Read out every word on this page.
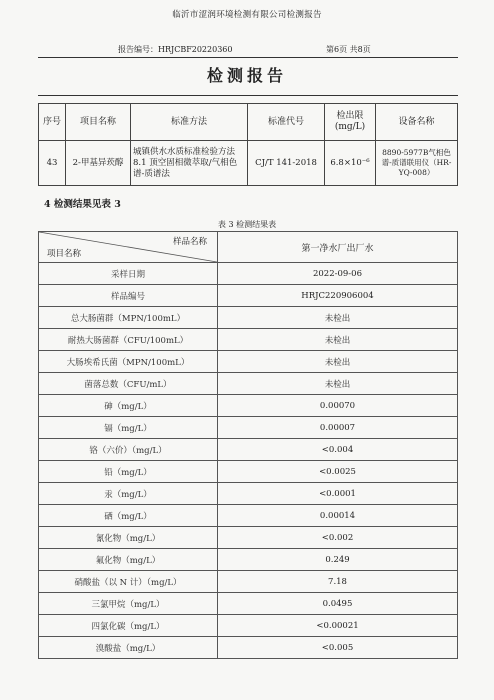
临沂市涩润环境检测有限公司检测报告
报告编号：HRJCBF20220360	第6页 共8页
检测报告
序号	项目名称	标准方法	标准代号	检出限(mg/L)	设备名称
43	2-甲基异莰醇	城镇供水水质标准检验方法 8.1 顶空固相微萃取/气相色谱-质谱法	CJ/T 141-2018	6.8×10⁻⁶	8890-5977B气相色谱-质谱联用仪（HR-YQ-008）
4 检测结果见表 3
表 3 检测结果表
样品名称
项目名称	第一净水厂出厂水
采样日期	2022-09-06
样品编号	HRJC220906004
总大肠菌群（MPN/100mL）	未检出
耐热大肠菌群（CFU/100mL）	未检出
大肠埃希氏菌（MPN/100mL）	未检出
菌落总数（CFU/mL）	未检出
砷（mg/L）	0.00070
镉（mg/L）	0.00007
铬（六价）（mg/L）	<0.004
铅（mg/L）	<0.0025
汞（mg/L）	<0.0001
硒（mg/L）	0.00014
氰化物（mg/L）	<0.002
氟化物（mg/L）	0.249
硝酸盐（以 N 计）（mg/L）	7.18
三氯甲烷（mg/L）	0.0495
四氯化碳（mg/L）	<0.00021
溴酸盐（mg/L）	<0.005
